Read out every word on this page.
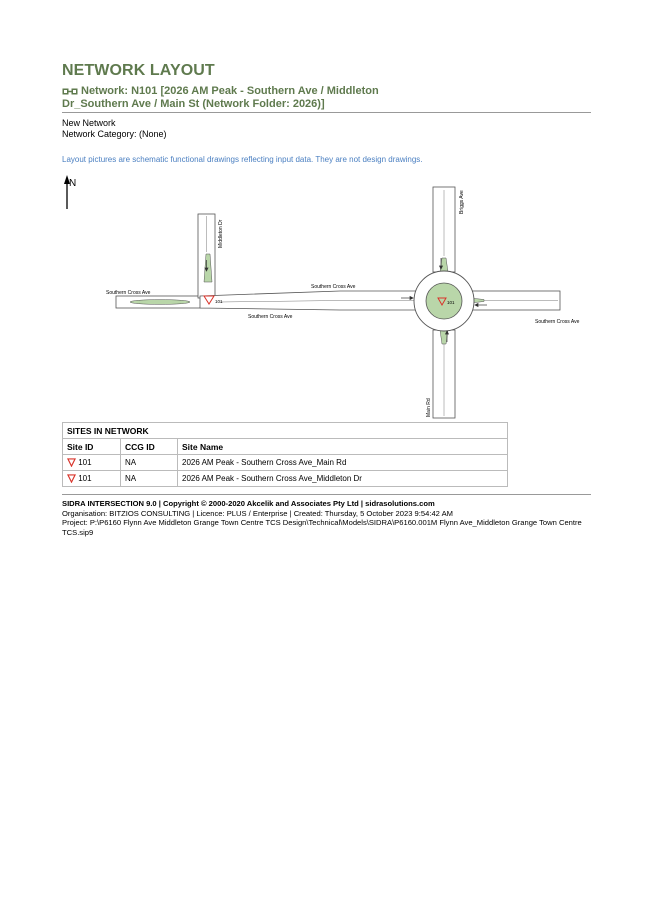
NETWORK LAYOUT
Network: N101 [2026 AM Peak - Southern Ave / Middleton
Dr_Southern Ave / Main St (Network Folder: 2026)]
New Network
Network Category: (None)
Layout pictures are schematic functional drawings reflecting input data. They are not design drawings.
N
101
101
Southern Cross Ave
Southern Cross Ave
Southern Cross Ave
Southern Cross Ave
Middleton Dr
Briggs Ave
Main Rd
SITES IN NETWORK		
Site ID	CCG ID	Site Name
101	NA	2026 AM Peak - Southern Cross Ave_Main Rd
101	NA	2026 AM Peak - Southern Cross Ave_Middleton Dr
SIDRA INTERSECTION 9.0 | Copyright © 2000-2020 Akcelik and Associates Pty Ltd | sidrasolutions.com
Organisation: BITZIOS CONSULTING | Licence: PLUS / Enterprise | Created: Thursday, 5 October 2023 9:54:42 AM
Project: P:\P6160 Flynn Ave Middleton Grange Town Centre TCS Design\Technical\Models\SIDRA\P6160.001M Flynn Ave_Middleton Grange Town Centre TCS.sip9
